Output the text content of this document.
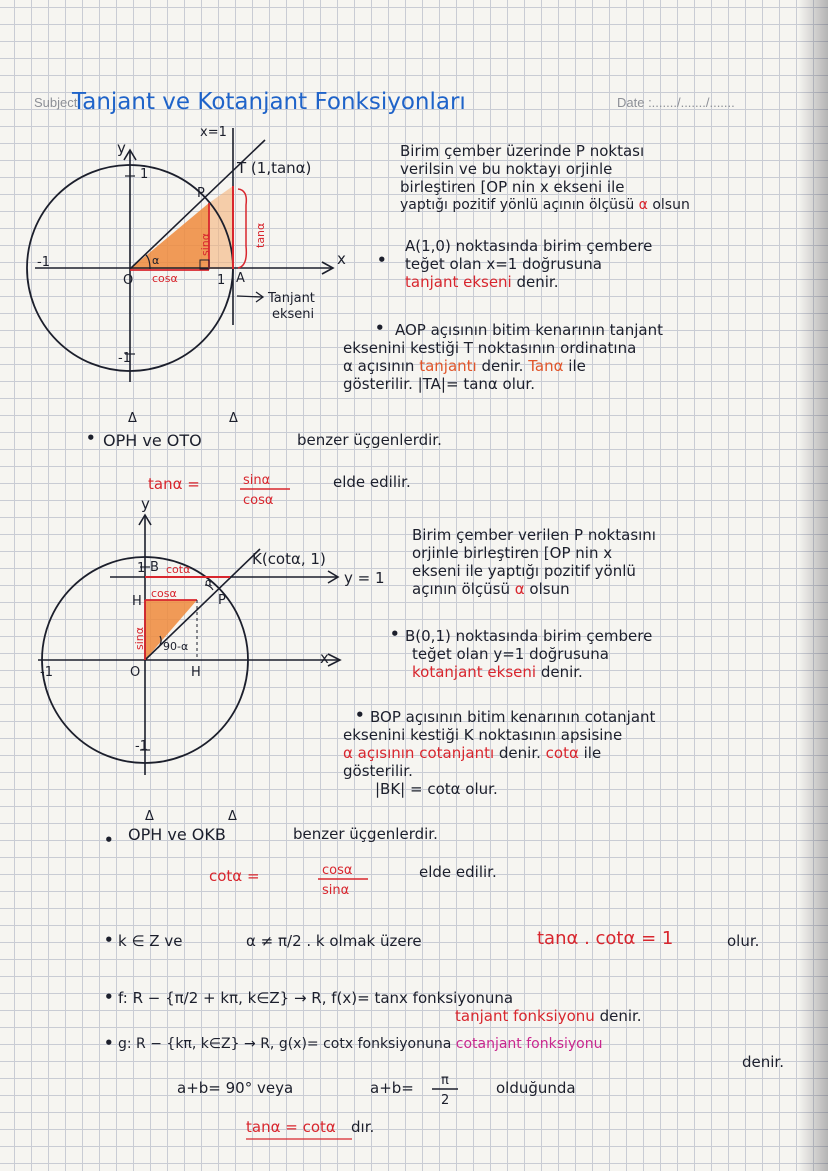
Subject	Date :......./......./.......
Tanjant ve Kotanjant Fonksiyonları
x=1
y
x
1
-1
1
-1
O
P
A
T (1,tanα)
sinα
cosα
tanα
α
Tanjant
ekseni
Birim çember üzerinde P noktası
verilsin ve bu noktayı orjinle
birleştiren [OP nin x ekseni ile
yaptığı pozitif yönlü açının ölçüsü α olsun
•
A(1,0) noktasında birim çembere
teğet olan x=1 doğrusuna
tanjant ekseni denir.
• AOP açısının bitim kenarının tanjant
eksenini kestiği T noktasının ordinatına
α açısının tanjantı denir. Tanα ile
gösterilir. |TA|= tanα olur.
•
Δ	Δ
OPH ve OTO	benzer üçgenlerdir.
tanα =	sinα
cosα
elde edilir.
y
x
1 B cotα
K(cotα, 1)
y = 1
H
cosα
sinα
P
O	H
-1
-1
α
90-α
Birim çember verilen P noktasını
orjinle birleştiren [OP nin x
ekseni ile yaptığı pozitif yönlü
açının ölçüsü α olsun
• B(0,1) noktasında birim çembere
teğet olan y=1 doğrusuna
kotanjant ekseni denir.
• BOP açısının bitim kenarının cotanjant
eksenini kestiği K noktasının apsisine
α açısının cotanjantı denir. cotα ile
gösterilir.
|BK| = cotα olur.
•
Δ	Δ
OPH ve OKB	benzer üçgenlerdir.
cotα =	cosα
sinα
elde edilir.
• k ∈ Z ve	α ≠ π/2 . k olmak üzere	tanα . cotα = 1	olur.
• f: R − {π/2 + kπ, k∈Z} → R, f(x)= tanx fonksiyonuna
tanjant fonksiyonu denir.
• g: R − {kπ, k∈Z} → R, g(x)= cotx fonksiyonuna cotanjant fonksiyonu
denir.
a+b= 90° veya	a+b= π
2
olduğunda
tanα = cotα dır.
